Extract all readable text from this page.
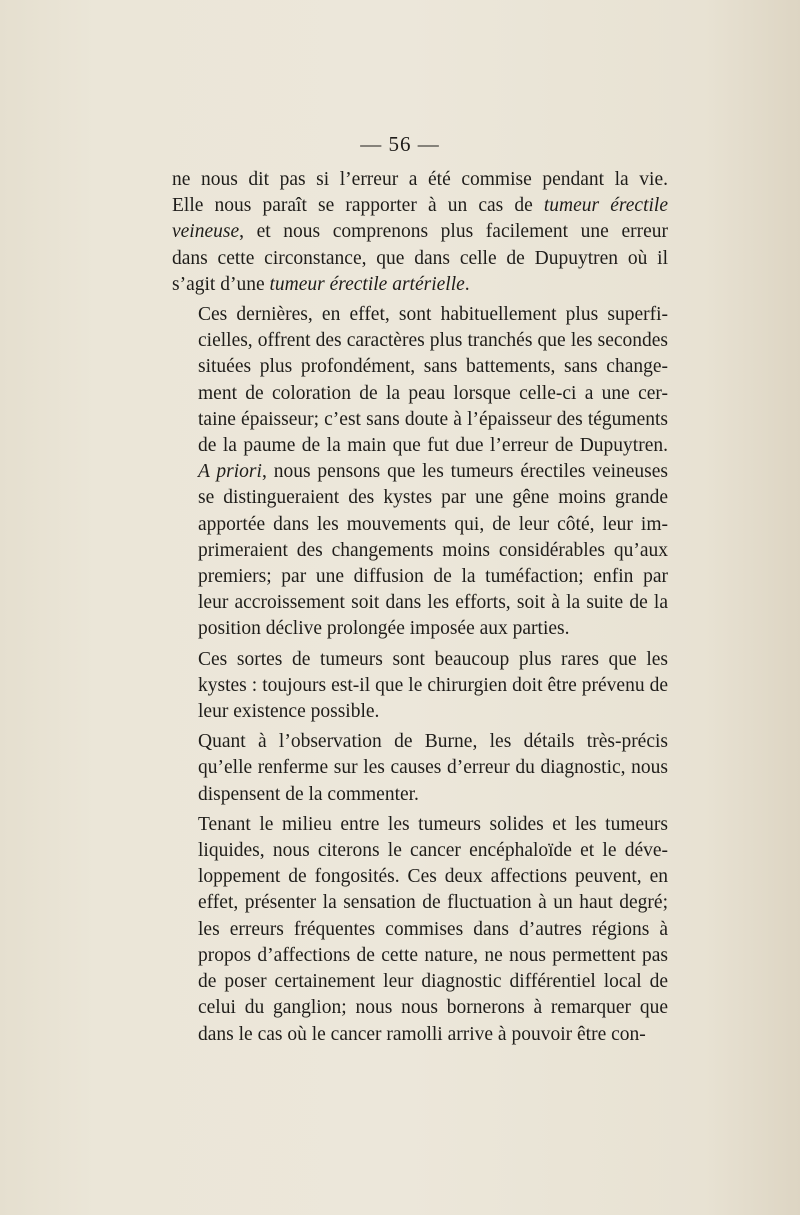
— 56 —

ne nous dit pas si l’erreur a été commise pendant la vie.
Elle nous paraît se rapporter à un cas de tumeur érectile
veineuse, et nous comprenons plus facilement une erreur
dans cette circonstance, que dans celle de Dupuytren où il
s’agit d’une tumeur érectile artérielle.

Ces dernières, en effet, sont habituellement plus superfi-
cielles, offrent des caractères plus tranchés que les secondes
situées plus profondément, sans battements, sans change-
ment de coloration de la peau lorsque celle-ci a une cer-
taine épaisseur; c’est sans doute à l’épaisseur des téguments
de la paume de la main que fut due l’erreur de Dupuytren.
A priori, nous pensons que les tumeurs érectiles veineuses
se distingueraient des kystes par une gêne moins grande
apportée dans les mouvements qui, de leur côté, leur im-
primeraient des changements moins considérables qu’aux
premiers; par une diffusion de la tuméfaction; enfin par
leur accroissement soit dans les efforts, soit à la suite de la
position déclive prolongée imposée aux parties.

Ces sortes de tumeurs sont beaucoup plus rares que les
kystes : toujours est-il que le chirurgien doit être prévenu de
leur existence possible.

Quant à l’observation de Burne, les détails très-précis
qu’elle renferme sur les causes d’erreur du diagnostic, nous
dispensent de la commenter.

Tenant le milieu entre les tumeurs solides et les tumeurs
liquides, nous citerons le cancer encéphaloïde et le déve-
loppement de fongosités. Ces deux affections peuvent, en
effet, présenter la sensation de fluctuation à un haut degré;
les erreurs fréquentes commises dans d’autres régions à
propos d’affections de cette nature, ne nous permettent pas
de poser certainement leur diagnostic différentiel local de
celui du ganglion; nous nous bornerons à remarquer que
dans le cas où le cancer ramolli arrive à pouvoir être con-
